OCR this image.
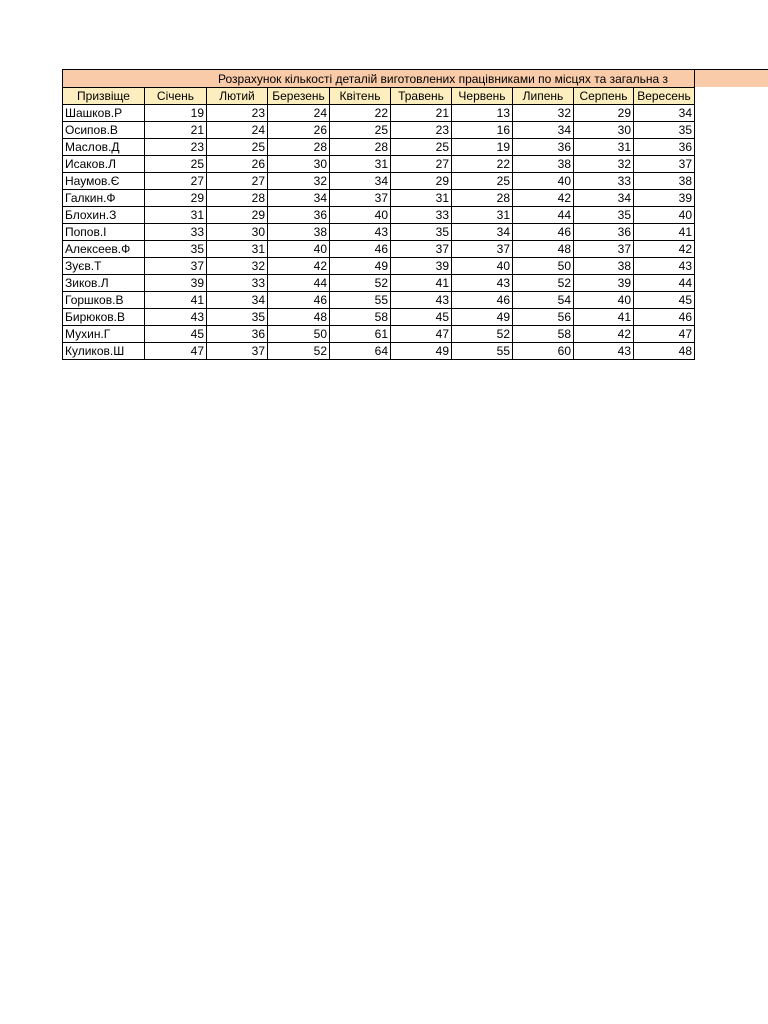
Розрахунок кількості деталій виготовлених працівниками по місцях та загальна з
Призвіще	Січень	Лютий	Березень	Квітень	Травень	Червень	Липень	Серпень	Вересень
Шашков.Р	19	23	24	22	21	13	32	29	34
Осипов.В	21	24	26	25	23	16	34	30	35
Маслов.Д	23	25	28	28	25	19	36	31	36
Исаков.Л	25	26	30	31	27	22	38	32	37
Наумов.Є	27	27	32	34	29	25	40	33	38
Галкин.Ф	29	28	34	37	31	28	42	34	39
Блохин.З	31	29	36	40	33	31	44	35	40
Попов.І	33	30	38	43	35	34	46	36	41
Алексеев.Ф	35	31	40	46	37	37	48	37	42
Зуєв.Т	37	32	42	49	39	40	50	38	43
Зиков.Л	39	33	44	52	41	43	52	39	44
Горшков.В	41	34	46	55	43	46	54	40	45
Бирюков.В	43	35	48	58	45	49	56	41	46
Мухин.Г	45	36	50	61	47	52	58	42	47
Куликов.Ш	47	37	52	64	49	55	60	43	48
